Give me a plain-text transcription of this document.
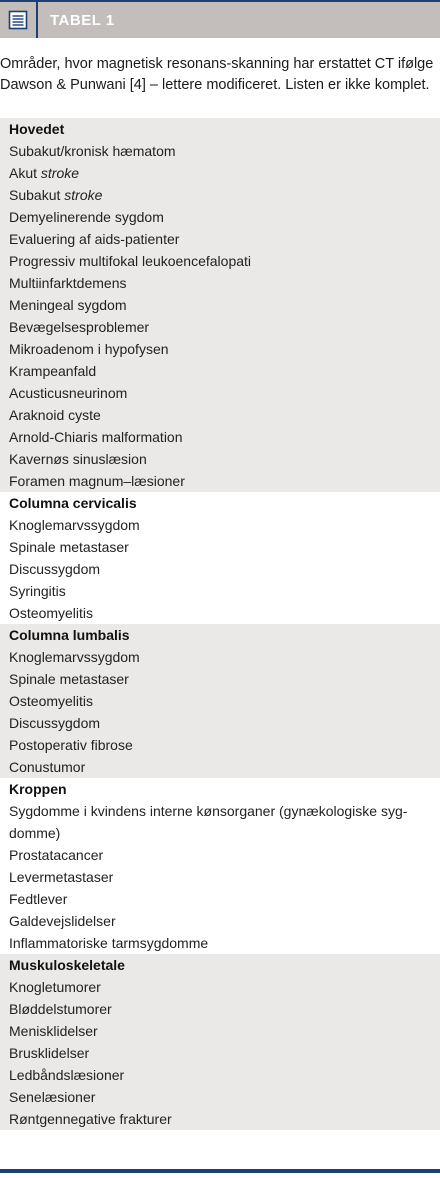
TABEL 1
Områder, hvor magnetisk resonans-skanning har erstattet CT ifølge Dawson & Punwani [4] – lettere modificeret. Listen er ikke komplet.
Hovedet
Subakut/kronisk hæmatom
Akut stroke
Subakut stroke
Demyelinerende sygdom
Evaluering af aids-patienter
Progressiv multifokal leukoencefalopati
Multiinfarktdemens
Meningeal sygdom
Bevægelsesproblemer
Mikroadenom i hypofysen
Krampeanfald
Acusticusneurinom
Araknoid cyste
Arnold-Chiaris malformation
Kavernøs sinuslæsion
Foramen magnum–læsioner
Columna cervicalis
Knoglemarvssygdom
Spinale metastaser
Discussygdom
Syringitis
Osteomyelitis
Columna lumbalis
Knoglemarvssygdom
Spinale metastaser
Osteomyelitis
Discussygdom
Postoperativ fibrose
Conustumor
Kroppen
Sygdomme i kvindens interne kønsorganer (gynækologiske syg-domme)
Prostatacancer
Levermetastaser
Fedtlever
Galdevejslidelser
Inflammatoriske tarmsygdomme
Muskuloskeletale
Knogletumorer
Bløddelstumorer
Menisklidelser
Brusklidelser
Ledbåndslæsioner
Senelæsioner
Røntgennegative frakturer
